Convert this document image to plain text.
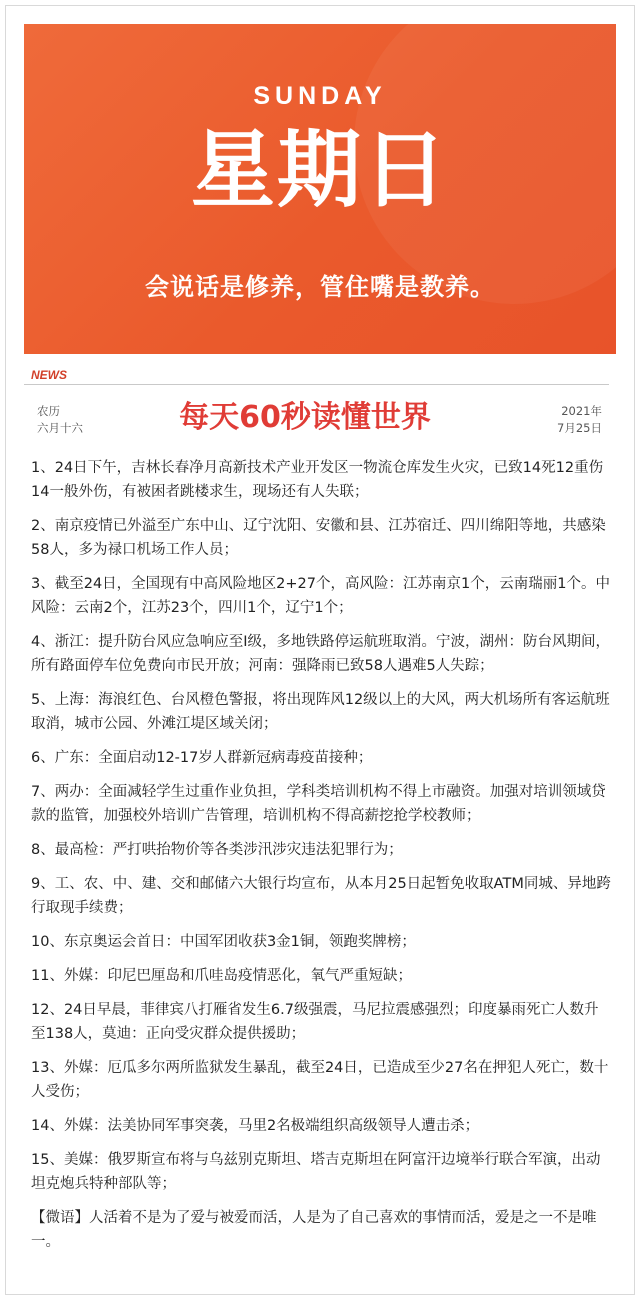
SUNDAY
星期日
会说话是修养，管住嘴是教养。
NEWS
农历
六月十六	每天60秒读懂世界	2021年
7月25日

1、24日下午，吉林长春净月高新技术产业开发区一物流仓库发生火灾，已致14死12重伤14一般外伤，有被困者跳楼求生，现场还有人失联；

2、南京疫情已外溢至广东中山、辽宁沈阳、安徽和县、江苏宿迁、四川绵阳等地，共感染58人，多为禄口机场工作人员；

3、截至24日，全国现有中高风险地区2+27个，高风险：江苏南京1个，云南瑞丽1个。中风险：云南2个，江苏23个，四川1个，辽宁1个；

4、浙江：提升防台风应急响应至Ⅰ级，多地铁路停运航班取消。宁波，湖州：防台风期间，所有路面停车位免费向市民开放；河南：强降雨已致58人遇难5人失踪；

5、上海：海浪红色、台风橙色警报，将出现阵风12级以上的大风，两大机场所有客运航班取消，城市公园、外滩江堤区域关闭；

6、广东：全面启动12-17岁人群新冠病毒疫苗接种；

7、两办：全面减轻学生过重作业负担，学科类培训机构不得上市融资。加强对培训领域贷款的监管，加强校外培训广告管理，培训机构不得高薪挖抢学校教师；

8、最高检：严打哄抬物价等各类涉汛涉灾违法犯罪行为；

9、工、农、中、建、交和邮储六大银行均宣布，从本月25日起暂免收取ATM同城、异地跨行取现手续费；

10、东京奥运会首日：中国军团收获3金1铜，领跑奖牌榜；

11、外媒：印尼巴厘岛和爪哇岛疫情恶化，氧气严重短缺；

12、24日早晨，菲律宾八打雁省发生6.7级强震，马尼拉震感强烈；印度暴雨死亡人数升至138人，莫迪：正向受灾群众提供援助；

13、外媒：厄瓜多尔两所监狱发生暴乱，截至24日，已造成至少27名在押犯人死亡，数十人受伤；

14、外媒：法美协同军事突袭，马里2名极端组织高级领导人遭击杀；

15、美媒：俄罗斯宣布将与乌兹别克斯坦、塔吉克斯坦在阿富汗边境举行联合军演，出动坦克炮兵特种部队等；

【微语】人活着不是为了爱与被爱而活，人是为了自己喜欢的事情而活，爱是之一不是唯一。
